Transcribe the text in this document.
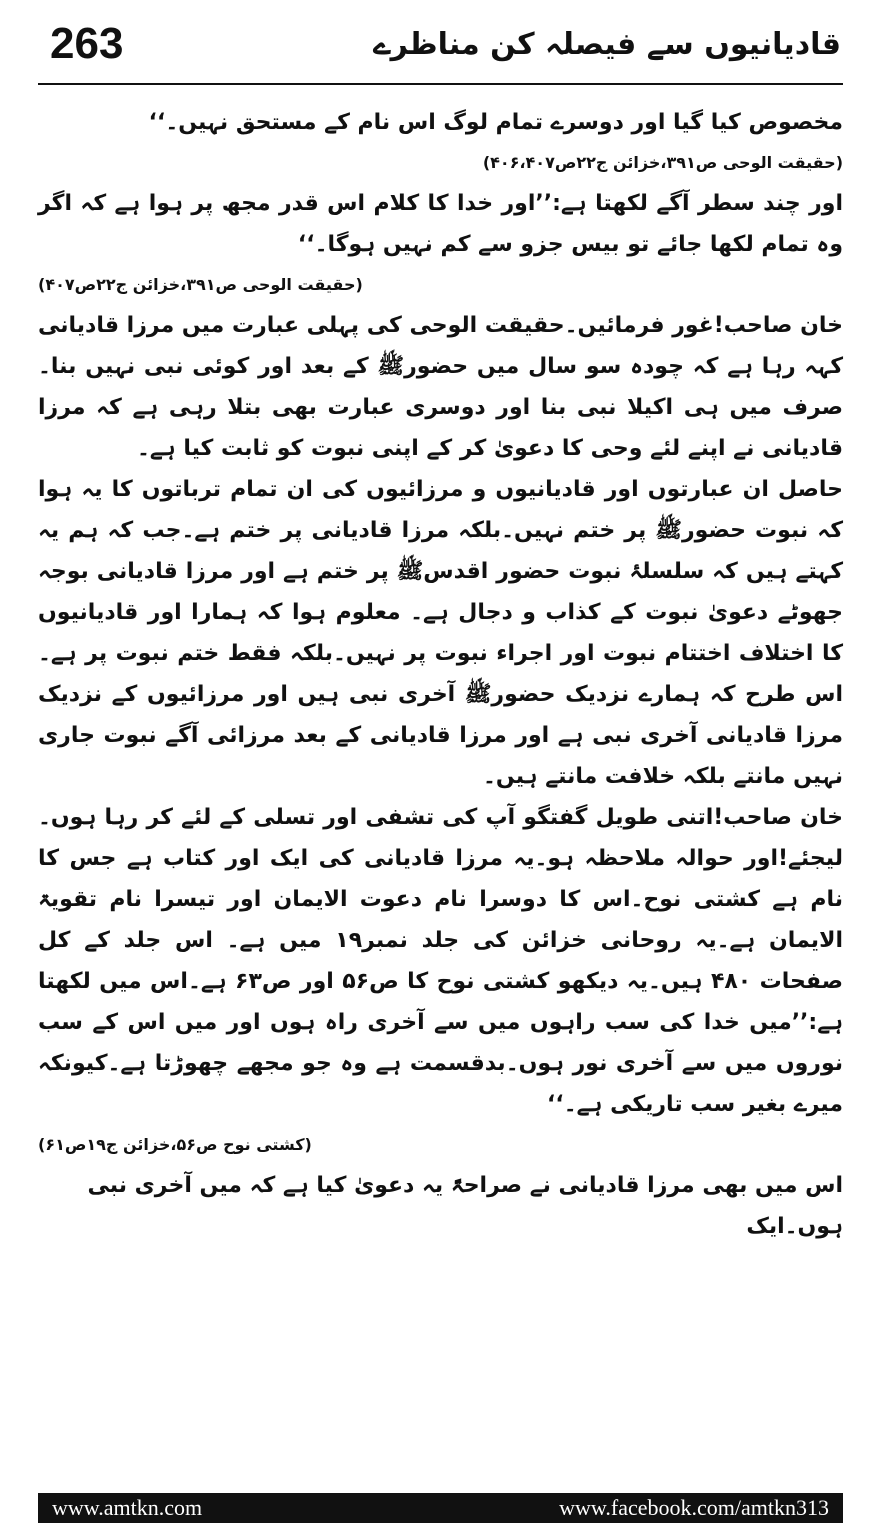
263	قادیانیوں سے فیصلہ کن مناظرے

مخصوص کیا گیا اور دوسرے تمام لوگ اس نام کے مستحق نہیں۔‘‘

(حقیقت الوحی ص۳۹۱،خزائن ج۲۲ص۴۰۶،۴۰۷)

اور چند سطر آگے لکھتا ہے:’’اور خدا کا کلام اس قدر مجھ پر ہوا ہے کہ اگر وہ تمام لکھا جائے تو بیس جزو سے کم نہیں ہوگا۔‘‘

(حقیقت الوحی ص۳۹۱،خزائن ج۲۲ص۴۰۷)

خان صاحب!غور فرمائیں۔حقیقت الوحی کی پہلی عبارت میں مرزا قادیانی کہہ رہا ہے کہ چودہ سو سال میں حضورﷺ کے بعد اور کوئی نبی نہیں بنا۔صرف میں ہی اکیلا نبی بنا اور دوسری عبارت بھی بتلا رہی ہے کہ مرزا قادیانی نے اپنے لئے وحی کا دعویٰ کر کے اپنی نبوت کو ثابت کیا ہے۔

حاصل ان عبارتوں اور قادیانیوں و مرزائیوں کی ان تمام ترباتوں کا یہ ہوا کہ نبوت حضورﷺ پر ختم نہیں۔بلکہ مرزا قادیانی پر ختم ہے۔جب کہ ہم یہ کہتے ہیں کہ سلسلۂ نبوت حضور اقدسﷺ پر ختم ہے اور مرزا قادیانی بوجہ جھوٹے دعویٰ نبوت کے کذاب و دجال ہے۔ معلوم ہوا کہ ہمارا اور قادیانیوں کا اختلاف اختتام نبوت اور اجراء نبوت پر نہیں۔بلکہ فقط ختم نبوت پر ہے۔اس طرح کہ ہمارے نزدیک حضورﷺ آخری نبی ہیں اور مرزائیوں کے نزدیک مرزا قادیانی آخری نبی ہے اور مرزا قادیانی کے بعد مرزائی آگے نبوت جاری نہیں مانتے بلکہ خلافت مانتے ہیں۔

خان صاحب!اتنی طویل گفتگو آپ کی تشفی اور تسلی کے لئے کر رہا ہوں۔لیجئے!اور حوالہ ملاحظہ ہو۔یہ مرزا قادیانی کی ایک اور کتاب ہے جس کا نام ہے کشتی نوح۔اس کا دوسرا نام دعوت الایمان اور تیسرا نام تقویۃ الایمان ہے۔یہ روحانی خزائن کی جلد نمبر۱۹ میں ہے۔ اس جلد کے کل صفحات ۴۸۰ ہیں۔یہ دیکھو کشتی نوح کا ص۵۶ اور ص۶۳ ہے۔اس میں لکھتا ہے:’’میں خدا کی سب راہوں میں سے آخری راہ ہوں اور میں اس کے سب نوروں میں سے آخری نور ہوں۔بدقسمت ہے وہ جو مجھے چھوڑتا ہے۔کیونکہ میرے بغیر سب تاریکی ہے۔‘‘

(کشتی نوح ص۵۶،خزائن ج۱۹ص۶۱)

اس میں بھی مرزا قادیانی نے صراحۃً یہ دعویٰ کیا ہے کہ میں آخری نبی ہوں۔ایک

www.amtkn.com	www.facebook.com/amtkn313
